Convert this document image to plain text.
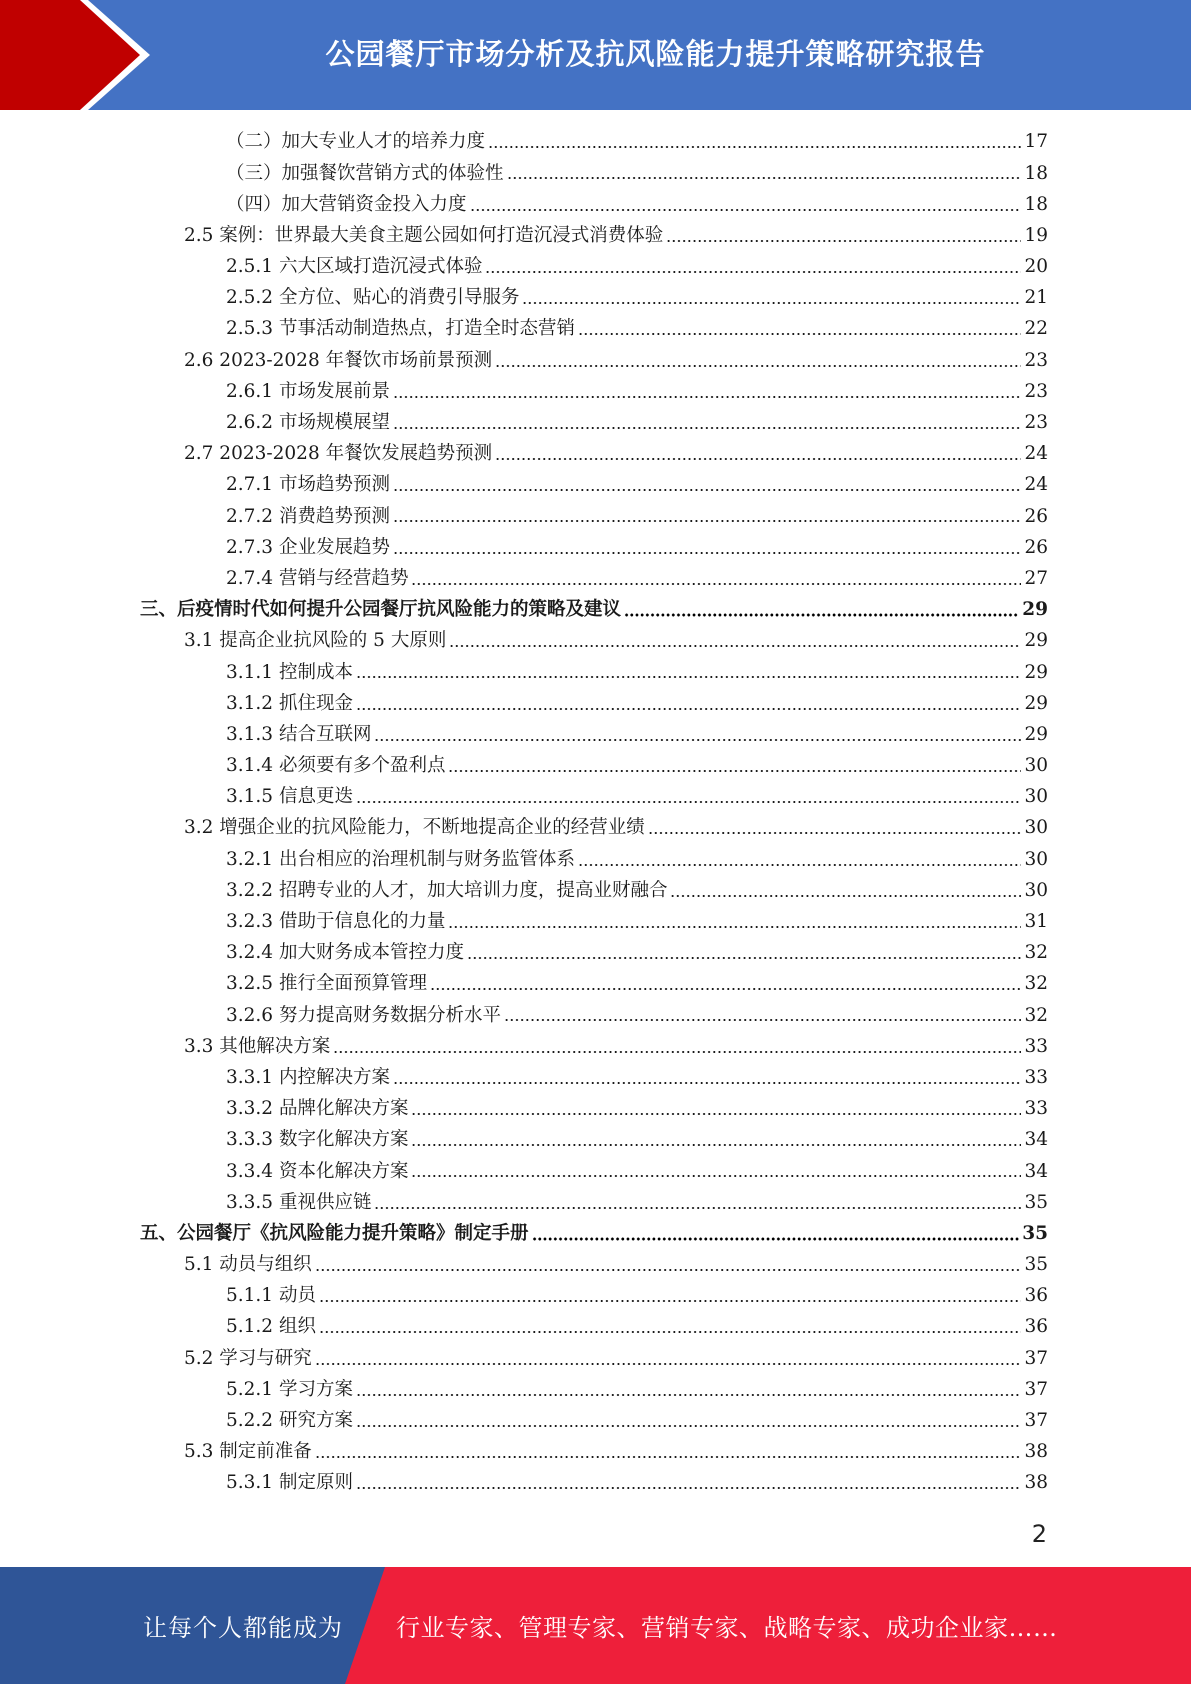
公园餐厅市场分析及抗风险能力提升策略研究报告
（二）加大专业人才的培养力度	17
（三）加强餐饮营销方式的体验性	18
（四）加大营销资金投入力度	18
2.5 案例：世界最大美食主题公园如何打造沉浸式消费体验	19
2.5.1 六大区域打造沉浸式体验	20
2.5.2 全方位、贴心的消费引导服务	21
2.5.3 节事活动制造热点，打造全时态营销	22
2.6 2023-2028 年餐饮市场前景预测	23
2.6.1 市场发展前景	23
2.6.2 市场规模展望	23
2.7 2023-2028 年餐饮发展趋势预测	24
2.7.1 市场趋势预测	24
2.7.2 消费趋势预测	26
2.7.3 企业发展趋势	26
2.7.4 营销与经营趋势	27
三、后疫情时代如何提升公园餐厅抗风险能力的策略及建议	29
3.1 提高企业抗风险的 5 大原则	29
3.1.1 控制成本	29
3.1.2 抓住现金	29
3.1.3 结合互联网	29
3.1.4 必须要有多个盈利点	30
3.1.5 信息更迭	30
3.2 增强企业的抗风险能力，不断地提高企业的经营业绩	30
3.2.1 出台相应的治理机制与财务监管体系	30
3.2.2 招聘专业的人才，加大培训力度，提高业财融合	30
3.2.3 借助于信息化的力量	31
3.2.4 加大财务成本管控力度	32
3.2.5 推行全面预算管理	32
3.2.6 努力提高财务数据分析水平	32
3.3 其他解决方案	33
3.3.1 内控解决方案	33
3.3.2 品牌化解决方案	33
3.3.3 数字化解决方案	34
3.3.4 资本化解决方案	34
3.3.5 重视供应链	35
五、公园餐厅《抗风险能力提升策略》制定手册	35
5.1 动员与组织	35
5.1.1 动员	36
5.1.2 组织	36
5.2 学习与研究	37
5.2.1 学习方案	37
5.2.2 研究方案	37
5.3 制定前准备	38
5.3.1 制定原则	38
2
让每个人都能成为 行业专家、管理专家、营销专家、战略专家、成功企业家……
